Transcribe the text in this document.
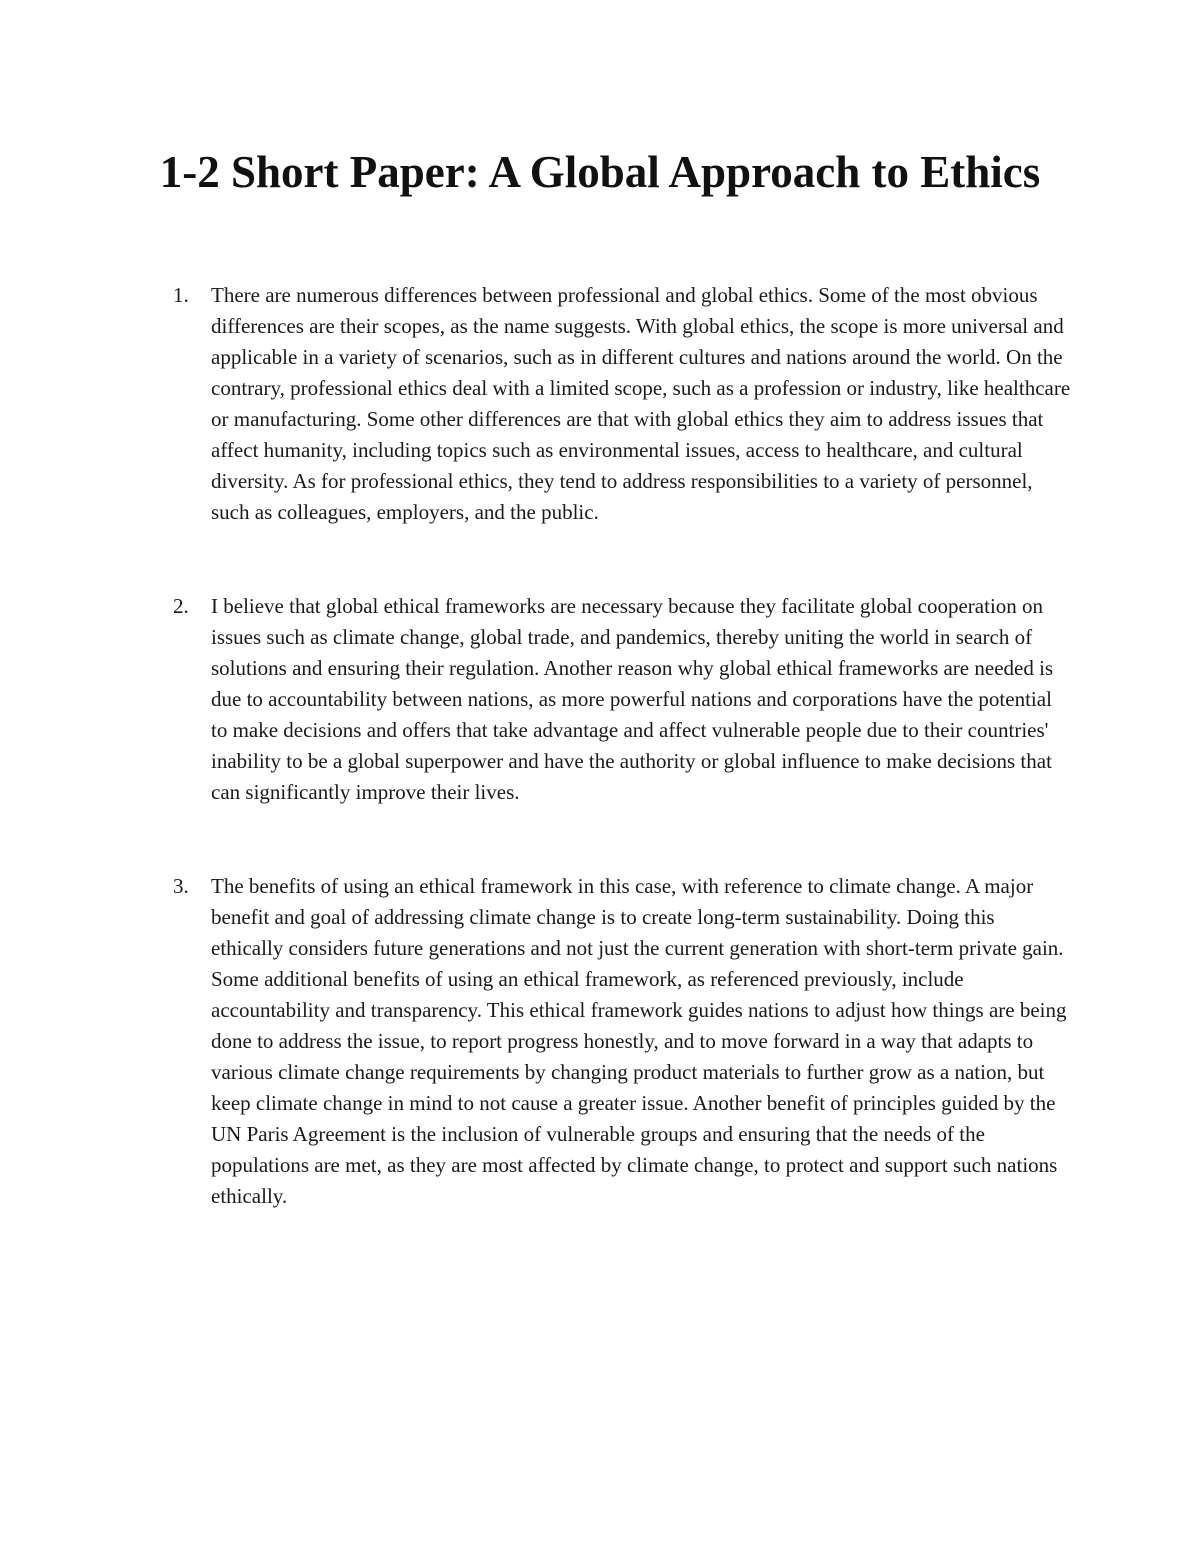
1-2 Short Paper: A Global Approach to Ethics
1. There are numerous differences between professional and global ethics. Some of the most obvious differences are their scopes, as the name suggests. With global ethics, the scope is more universal and applicable in a variety of scenarios, such as in different cultures and nations around the world. On the contrary, professional ethics deal with a limited scope, such as a profession or industry, like healthcare or manufacturing. Some other differences are that with global ethics they aim to address issues that affect humanity, including topics such as environmental issues, access to healthcare, and cultural diversity. As for professional ethics, they tend to address responsibilities to a variety of personnel, such as colleagues, employers, and the public.

2. I believe that global ethical frameworks are necessary because they facilitate global cooperation on issues such as climate change, global trade, and pandemics, thereby uniting the world in search of solutions and ensuring their regulation. Another reason why global ethical frameworks are needed is due to accountability between nations, as more powerful nations and corporations have the potential to make decisions and offers that take advantage and affect vulnerable people due to their countries' inability to be a global superpower and have the authority or global influence to make decisions that can significantly improve their lives.

3. The benefits of using an ethical framework in this case, with reference to climate change. A major benefit and goal of addressing climate change is to create long-term sustainability. Doing this ethically considers future generations and not just the current generation with short-term private gain. Some additional benefits of using an ethical framework, as referenced previously, include accountability and transparency. This ethical framework guides nations to adjust how things are being done to address the issue, to report progress honestly, and to move forward in a way that adapts to various climate change requirements by changing product materials to further grow as a nation, but keep climate change in mind to not cause a greater issue. Another benefit of principles guided by the UN Paris Agreement is the inclusion of vulnerable groups and ensuring that the needs of the populations are met, as they are most affected by climate change, to protect and support such nations ethically.
